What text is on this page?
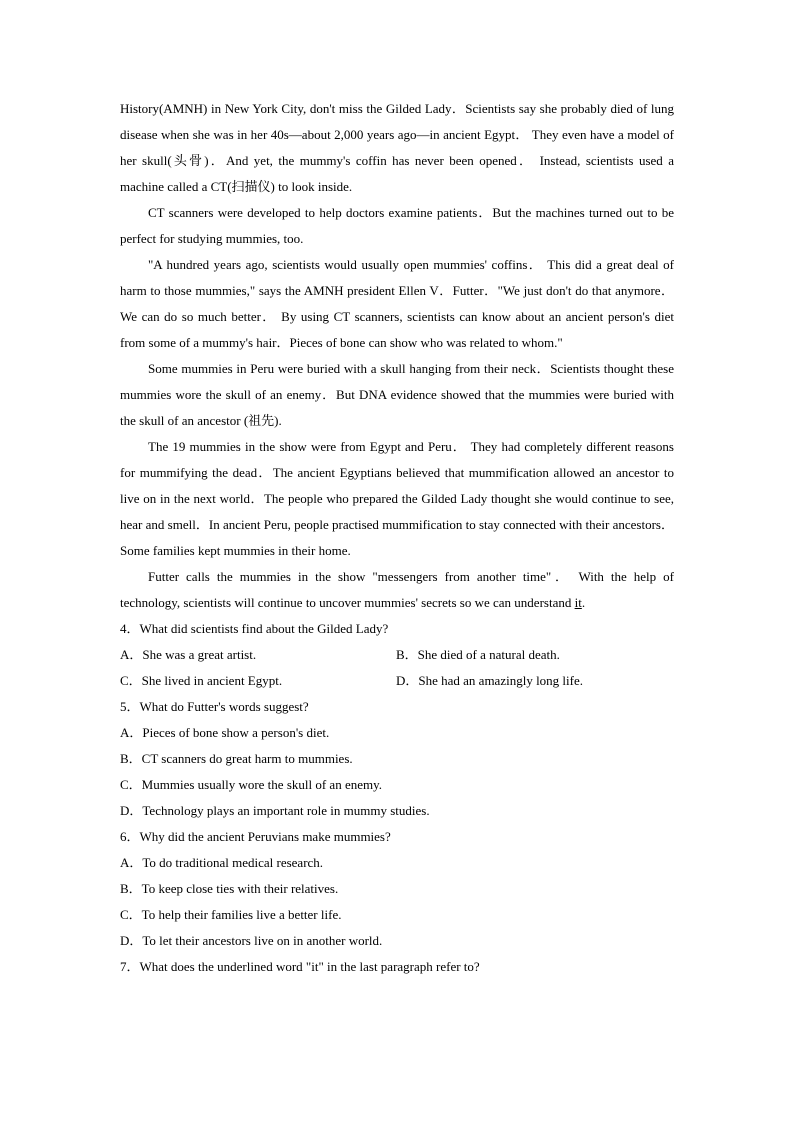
History(AMNH) in New York City, don't miss the Gilded Lady．Scientists say she probably died of lung disease when she was in her 40s—about 2,000 years ago—in ancient Egypt． They even have a model of her skull(头骨)．And yet, the mummy's coffin has never been opened． Instead, scientists used a machine called a CT(扫描仪) to look inside.

CT scanners were developed to help doctors examine patients．But the machines turned out to be perfect for studying mummies, too.

"A hundred years ago, scientists would usually open mummies' coffins． This did a great deal of harm to those mummies," says the AMNH president Ellen V．Futter．"We just don't do that anymore． We can do so much better． By using CT scanners, scientists can know about an ancient person's diet from some of a mummy's hair．Pieces of bone can show who was related to whom."

Some mummies in Peru were buried with a skull hanging from their neck．Scientists thought these mummies wore the skull of an enemy．But DNA evidence showed that the mummies were buried with the skull of an ancestor (祖先).

The 19 mummies in the show were from Egypt and Peru． They had completely different reasons for mummifying the dead．The ancient Egyptians believed that mummification allowed an ancestor to live on in the next world．The people who prepared the Gilded Lady thought she would continue to see, hear and smell．In ancient Peru, people practised mummification to stay connected with their ancestors．Some families kept mummies in their home.

Futter calls the mummies in the show "messengers from another time"． With the help of technology, scientists will continue to uncover mummies' secrets so we can understand it.

4．What did scientists find about the Gilded Lady?

A．She was a great artist.	B．She died of a natural death.
C．She lived in ancient Egypt.	D．She had an amazingly long life.

5．What do Futter's words suggest?

A．Pieces of bone show a person's diet.

B．CT scanners do great harm to mummies.

C．Mummies usually wore the skull of an enemy.

D．Technology plays an important role in mummy studies.

6．Why did the ancient Peruvians make mummies?

A．To do traditional medical research.

B．To keep close ties with their relatives.

C．To help their families live a better life.

D．To let their ancestors live on in another world.

7．What does the underlined word "it" in the last paragraph refer to?
